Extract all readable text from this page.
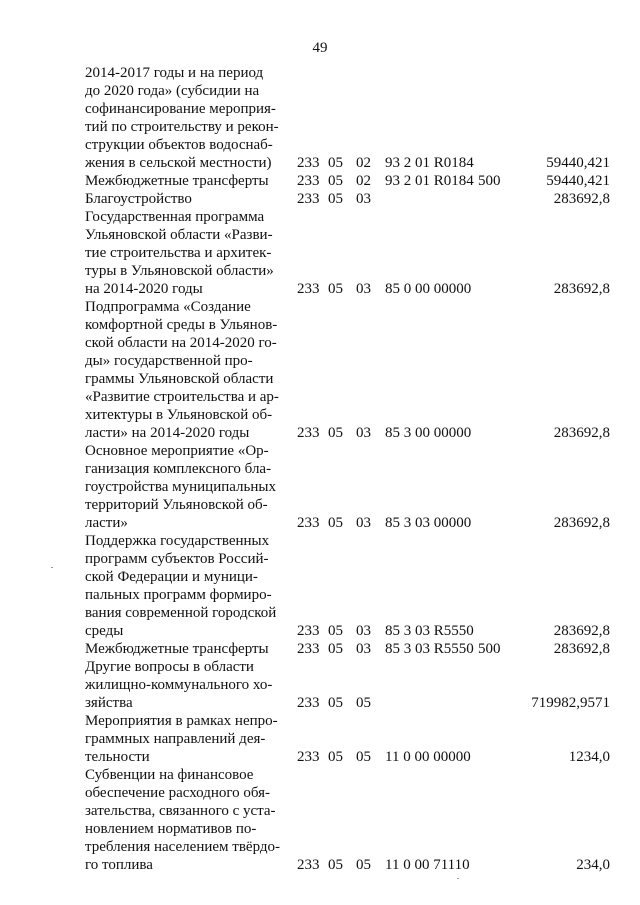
49
2014-2017 годы и на период
до 2020 года» (субсидии на
софинансирование мероприя-
тий по строительству и рекон-
струкции объектов водоснаб-
жения в сельской местности)	233 05 02 93 2 01 R0184	59440,421
Межбюджетные трансферты	233 05 02 93 2 01 R0184 500	59440,421
Благоустройство	233 05 03	283692,8
Государственная программа
Ульяновской области «Разви-
тие строительства и архитек-
туры в Ульяновской области»
на 2014-2020 годы	233 05 03 85 0 00 00000	283692,8
Подпрограмма «Создание
комфортной среды в Ульянов-
ской области на 2014-2020 го-
ды» государственной про-
граммы Ульяновской области
«Развитие строительства и ар-
хитектуры в Ульяновской об-
ласти» на 2014-2020 годы	233 05 03 85 3 00 00000	283692,8
Основное мероприятие «Ор-
ганизация комплексного бла-
гоустройства муниципальных
территорий Ульяновской об-
ласти»	233 05 03 85 3 03 00000	283692,8
Поддержка государственных
программ субъектов Россий-
ской Федерации и муници-
пальных программ формиро-
вания современной городской
среды	233 05 03 85 3 03 R5550	283692,8
Межбюджетные трансферты	233 05 03 85 3 03 R5550 500	283692,8
Другие вопросы в области
жилищно-коммунального хо-
зяйства	233 05 05	719982,9571
Мероприятия в рамках непро-
граммных направлений дея-
тельности	233 05 05 11 0 00 00000	1234,0
Субвенции на финансовое
обеспечение расходного обя-
зательства, связанного с уста-
новлением нормативов по-
требления населением твёрдо-
го топлива	233 05 05 11 0 00 71110	234,0
